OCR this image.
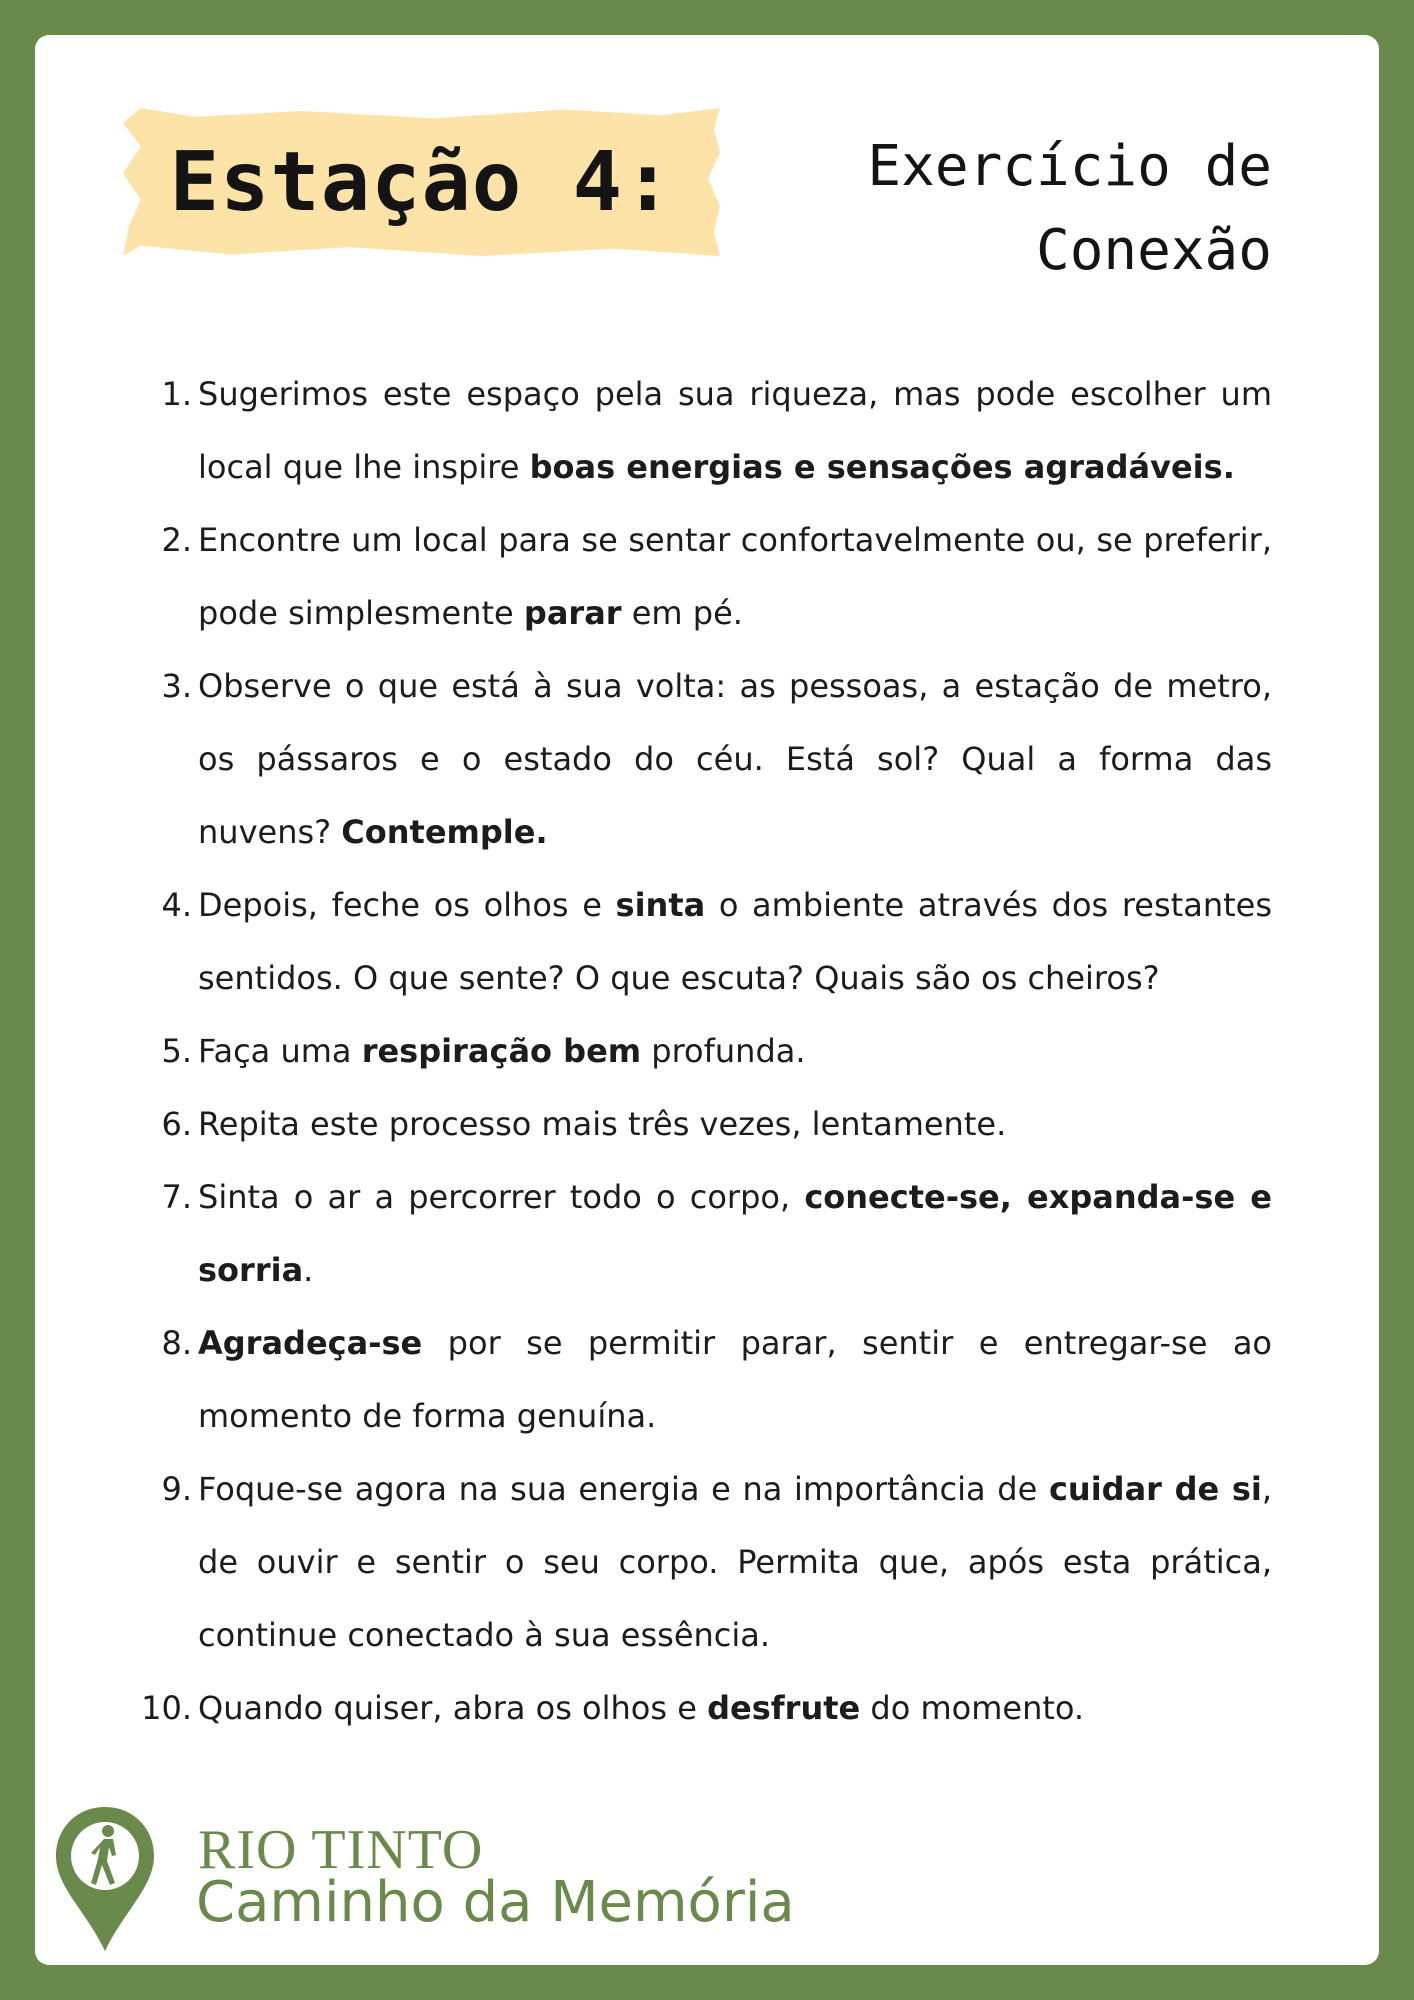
Estação 4:	Exercício de
Conexão
1. Sugerimos este espaço pela sua riqueza, mas pode escolher um local que lhe inspire boas energias e sensações agradáveis.
2. Encontre um local para se sentar confortavelmente ou, se preferir, pode simplesmente parar em pé.
3. Observe o que está à sua volta: as pessoas, a estação de metro, os pássaros e o estado do céu. Está sol? Qual a forma das nuvens? Contemple.
4. Depois, feche os olhos e sinta o ambiente através dos restantes sentidos. O que sente? O que escuta? Quais são os cheiros?
5. Faça uma respiração bem profunda.
6. Repita este processo mais três vezes, lentamente.
7. Sinta o ar a percorrer todo o corpo, conecte-se, expanda-se e sorria.
8. Agradeça-se por se permitir parar, sentir e entregar-se ao momento de forma genuína.
9. Foque-se agora na sua energia e na importância de cuidar de si, de ouvir e sentir o seu corpo. Permita que, após esta prática, continue conectado à sua essência.
10. Quando quiser, abra os olhos e desfrute do momento.
RIO TINTO
Caminho da Memória
